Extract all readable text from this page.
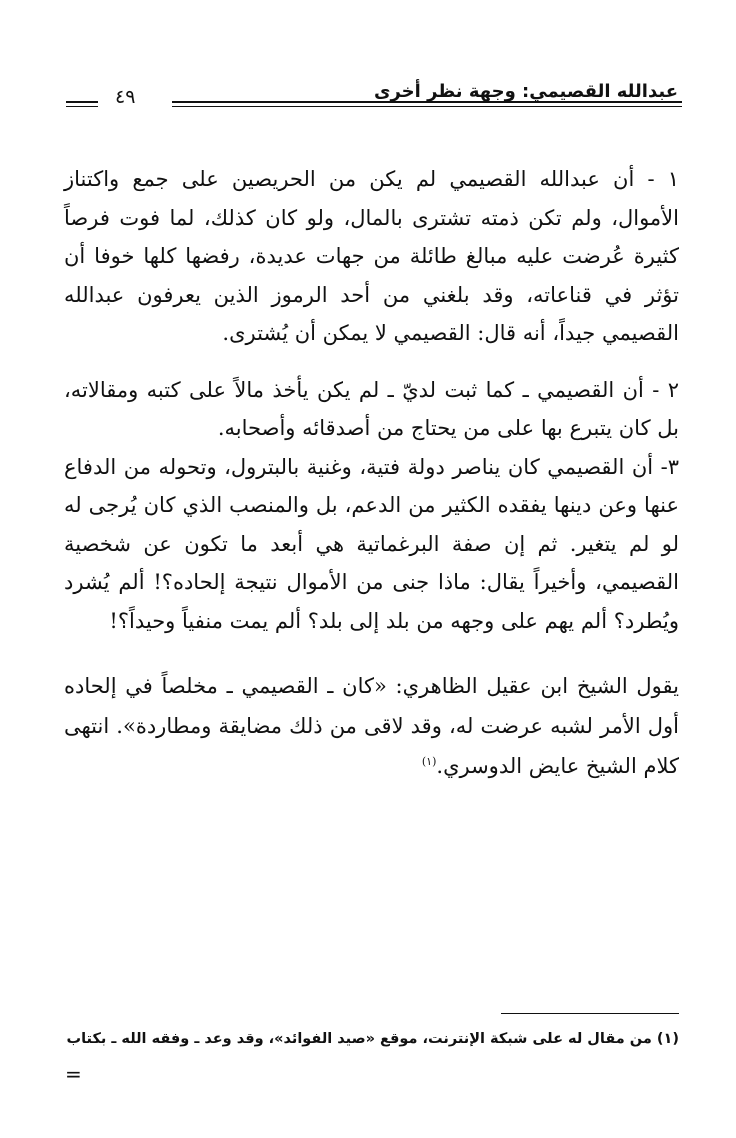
عبدالله القصيمي: وجهة نظر أخرى
٤٩

١ - أن عبدالله القصيمي لم يكن من الحريصين على جمع واكتناز الأموال، ولم تكن ذمته تشترى بالمال، ولو كان كذلك، لما فوت فرصاً كثيرة عُرضت عليه مبالغ طائلة من جهات عديدة، رفضها كلها خوفا أن تؤثر في قناعاته، وقد بلغني من أحد الرموز الذين يعرفون عبدالله القصيمي جيداً، أنه قال: القصيمي لا يمكن أن يُشترى.

٢ - أن القصيمي ـ كما ثبت لديّ ـ لم يكن يأخذ مالاً على كتبه ومقالاته، بل كان يتبرع بها على من يحتاج من أصدقائه وأصحابه.

٣- أن القصيمي كان يناصر دولة فتية، وغنية بالبترول، وتحوله من الدفاع عنها وعن دينها يفقده الكثير من الدعم، بل والمنصب الذي كان يُرجى له لو لم يتغير. ثم إن صفة البرغماتية هي أبعد ما تكون عن شخصية القصيمي، وأخيراً يقال: ماذا جنى من الأموال نتيجة إلحاده؟! ألم يُشرد ويُطرد؟ ألم يهم على وجهه من بلد إلى بلد؟ ألم يمت منفياً وحيداً؟!

يقول الشيخ ابن عقيل الظاهري: «كان ـ القصيمي ـ مخلصاً في إلحاده أول الأمر لشبه عرضت له، وقد لاقى من ذلك مضايقة ومطاردة». انتهى كلام الشيخ عايض الدوسري.$^{(١)}$

(١) من مقال له على شبكة الإنترنت، موقع «صيد الفوائد»، وقد وعد ـ وفقه الله ـ بكتاب
=
